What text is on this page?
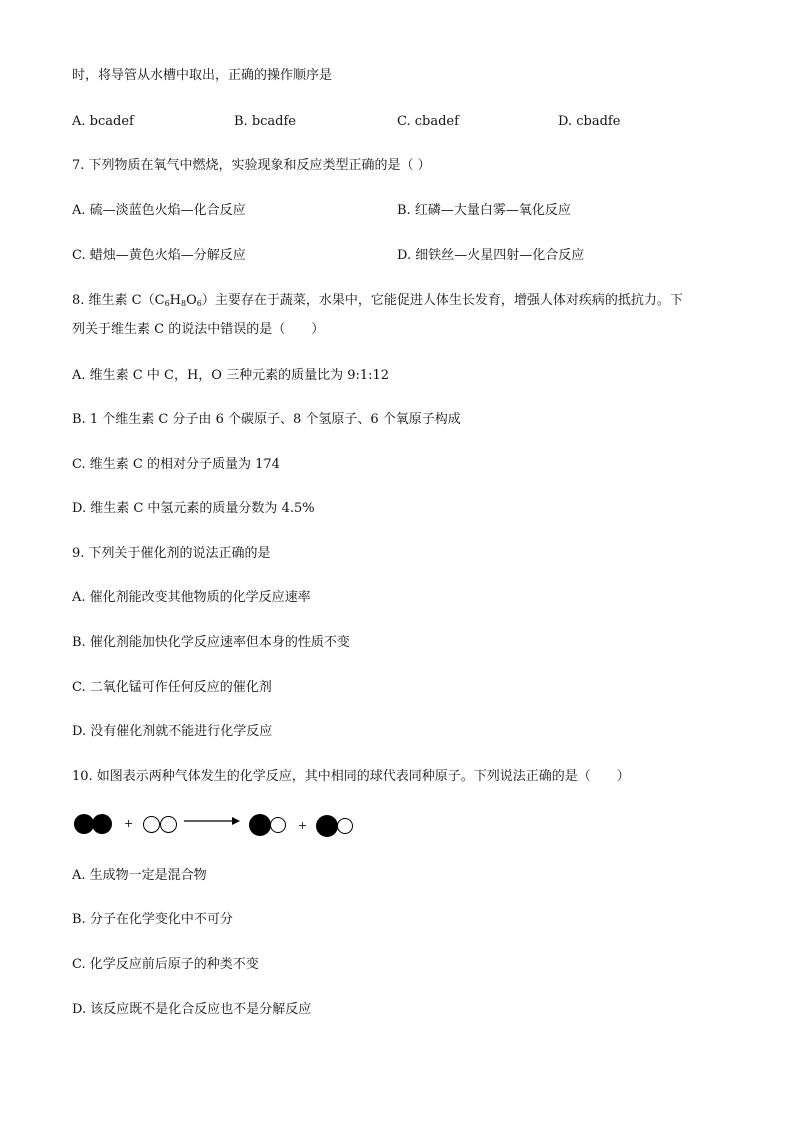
时，将导管从水槽中取出，正确的操作顺序是
A. bcadef	B. bcadfe	C. cbadef	D. cbadfe
7. 下列物质在氧气中燃烧，实验现象和反应类型正确的是（ ）
A. 硫—淡蓝色火焰—化合反应	B. 红磷—大量白雾—氧化反应
C. 蜡烛—黄色火焰—分解反应	D. 细铁丝—火星四射—化合反应
8. 维生素 $C(C_6H_8O_6)$主要存在于蔬菜，水果中，它能促进人体生长发育，增强人体对疾病的抵抗力。下
列关于维生素 C 的说法中错误的是（　　）
A. 维生素 C 中 C，H，O 三种元素的质量比为 9:1:12
B. 1 个维生素 C 分子由 6 个碳原子、8 个氢原子、6 个氧原子构成
C. 维生素 C 的相对分子质量为 174
D. 维生素 C 中氢元素的质量分数为 4.5%
9. 下列关于催化剂的说法正确的是
A. 催化剂能改变其他物质的化学反应速率
B. 催化剂能加快化学反应速率但本身的性质不变
C. 二氧化锰可作任何反应的催化剂
D. 没有催化剂就不能进行化学反应
10. 如图表示两种气体发生的化学反应，其中相同的球代表同种原子。下列说法正确的是（　　）
+	+
A. 生成物一定是混合物
B. 分子在化学变化中不可分
C. 化学反应前后原子的种类不变
D. 该反应既不是化合反应也不是分解反应
